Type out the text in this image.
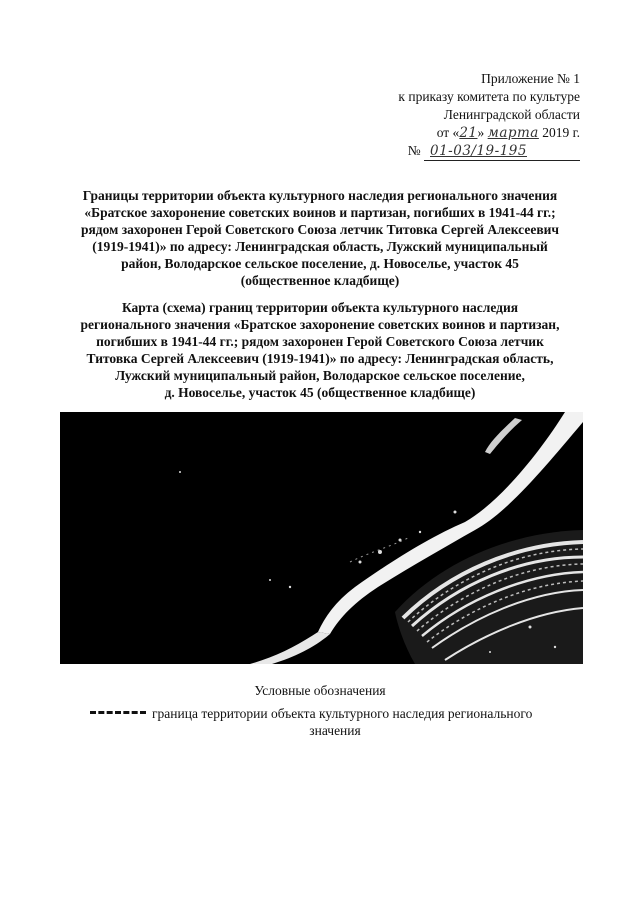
Приложение № 1
к приказу комитета по культуре
Ленинградской области
от «21» марта 2019 г.
№ 01-03/19-195
Границы территории объекта культурного наследия регионального значения
«Братское захоронение советских воинов и партизан, погибших в 1941-44 гг.;
рядом захоронен Герой Советского Союза летчик Титовка Сергей Алексеевич
(1919-1941)» по адресу: Ленинградская область, Лужский муниципальный
район, Володарское сельское поселение, д. Новоселье, участок 45
(общественное кладбище)
Карта (схема) границ территории объекта культурного наследия
регионального значения «Братское захоронение советских воинов и партизан,
погибших в 1941-44 гг.; рядом захоронен Герой Советского Союза летчик
Титовка Сергей Алексеевич (1919-1941)» по адресу: Ленинградская область,
Лужский муниципальный район, Володарское сельское поселение,
д. Новоселье, участок 45 (общественное кладбище)
Условные обозначения
граница территории объекта культурного наследия регионального
значения
